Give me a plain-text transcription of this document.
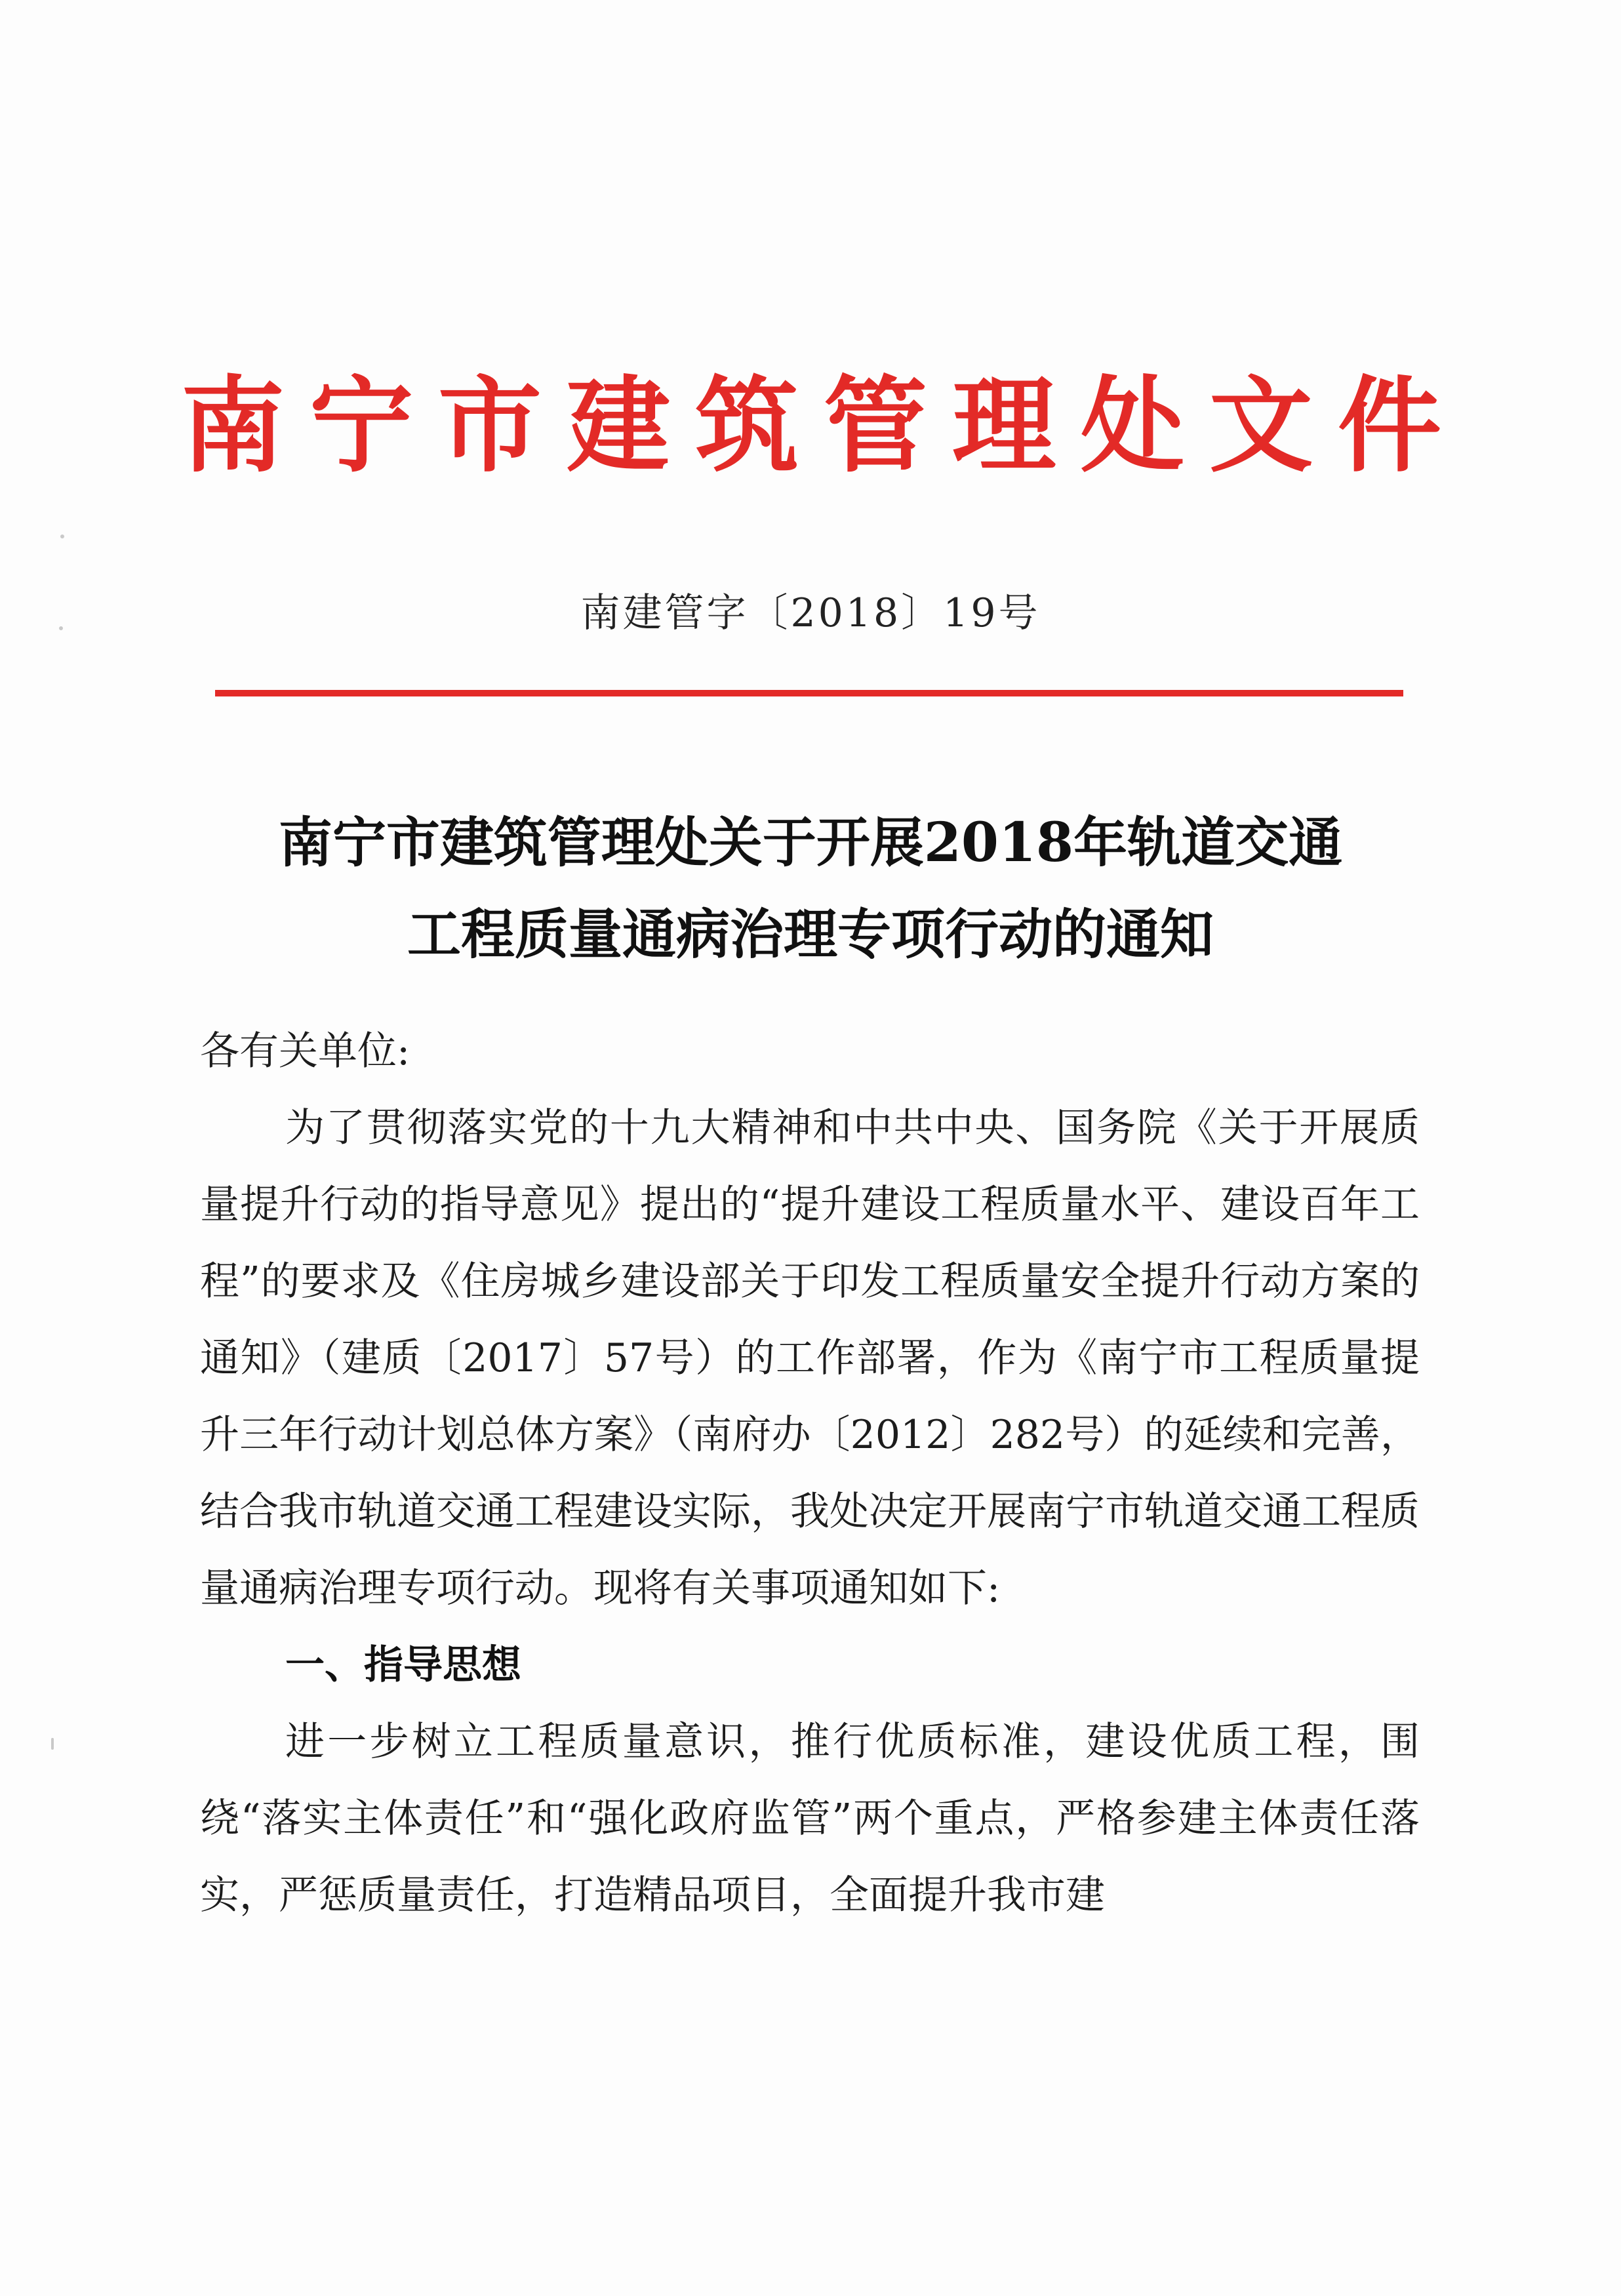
南宁市建筑管理处文件
南建管字〔2018〕19号
南宁市建筑管理处关于开展2018年轨道交通
工程质量通病治理专项行动的通知

各有关单位:

为了贯彻落实党的十九大精神和中共中央、国务院《关于开展质量提升行动的指导意见》提出的“提升建设工程质量水平、建设百年工程”的要求及《住房城乡建设部关于印发工程质量安全提升行动方案的通知》（建质〔2017〕57号）的工作部署，作为《南宁市工程质量提升三年行动计划总体方案》（南府办〔2012〕282号）的延续和完善，结合我市轨道交通工程建设实际，我处决定开展南宁市轨道交通工程质量通病治理专项行动。现将有关事项通知如下:

一、指导思想

进一步树立工程质量意识，推行优质标准，建设优质工程，围绕“落实主体责任”和“强化政府监管”两个重点，严格参建主体责任落实，严惩质量责任，打造精品项目，全面提升我市建
